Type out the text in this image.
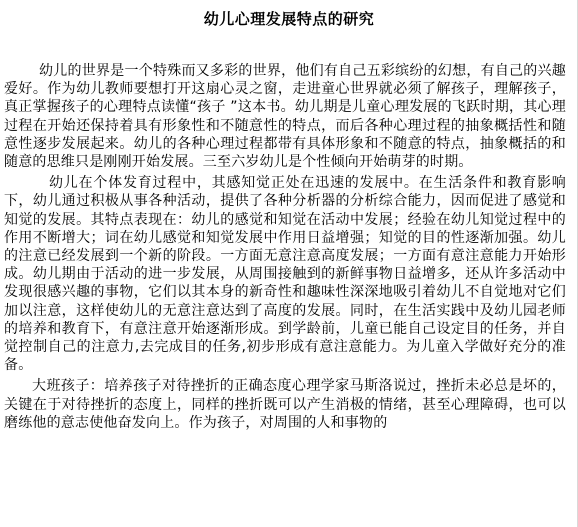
幼儿心理发展特点的研究

幼儿的世界是一个特殊而又多彩的世界，他们有自己五彩缤纷的幻想，有自己的兴趣爱好。作为幼儿教师要想打开这扇心灵之窗，走进童心世界就必须了解孩子，理解孩子，真正掌握孩子的心理特点读懂“孩子 ”这本书。幼儿期是儿童心理发展的飞跃时期，其心理过程在开始还保持着具有形象性和不随意性的特点，而后各种心理过程的抽象概括性和随意性逐步发展起来。幼儿的各种心理过程都带有具体形象和不随意的特点，抽象概括的和随意的思维只是刚刚开始发展。三至六岁幼儿是个性倾向开始萌芽的时期。

幼儿在个体发育过程中，其感知觉正处在迅速的发展中。在生活条件和教育影响下，幼儿通过积极从事各种活动，提供了各种分析器的分析综合能力，因而促进了感觉和知觉的发展。其特点表现在：幼儿的感觉和知觉在活动中发展；经验在幼儿知觉过程中的作用不断增大；词在幼儿感觉和知觉发展中作用日益增强；知觉的目的性逐渐加强。幼儿的注意已经发展到一个新的阶段。一方面无意注意高度发展；一方面有意注意能力开始形成。幼儿期由于活动的进一步发展，从周围接触到的新鲜事物日益增多，还从许多活动中发现很感兴趣的事物，它们以其本身的新奇性和趣味性深深地吸引着幼儿不自觉地对它们加以注意，这样使幼儿的无意注意达到了高度的发展。同时，在生活实践中及幼儿园老师的培养和教育下，有意注意开始逐渐形成。到学龄前，儿童已能自己设定目的任务，并自觉控制自己的注意力,去完成目的任务,初步形成有意注意能力。为儿童入学做好充分的准备。

大班孩子：培养孩子对待挫折的正确态度心理学家马斯洛说过，挫折未必总是坏的，关键在于对待挫折的态度上，同样的挫折既可以产生消极的情绪，甚至心理障碍，也可以磨练他的意志使他奋发向上。作为孩子，对周围的人和事物的
